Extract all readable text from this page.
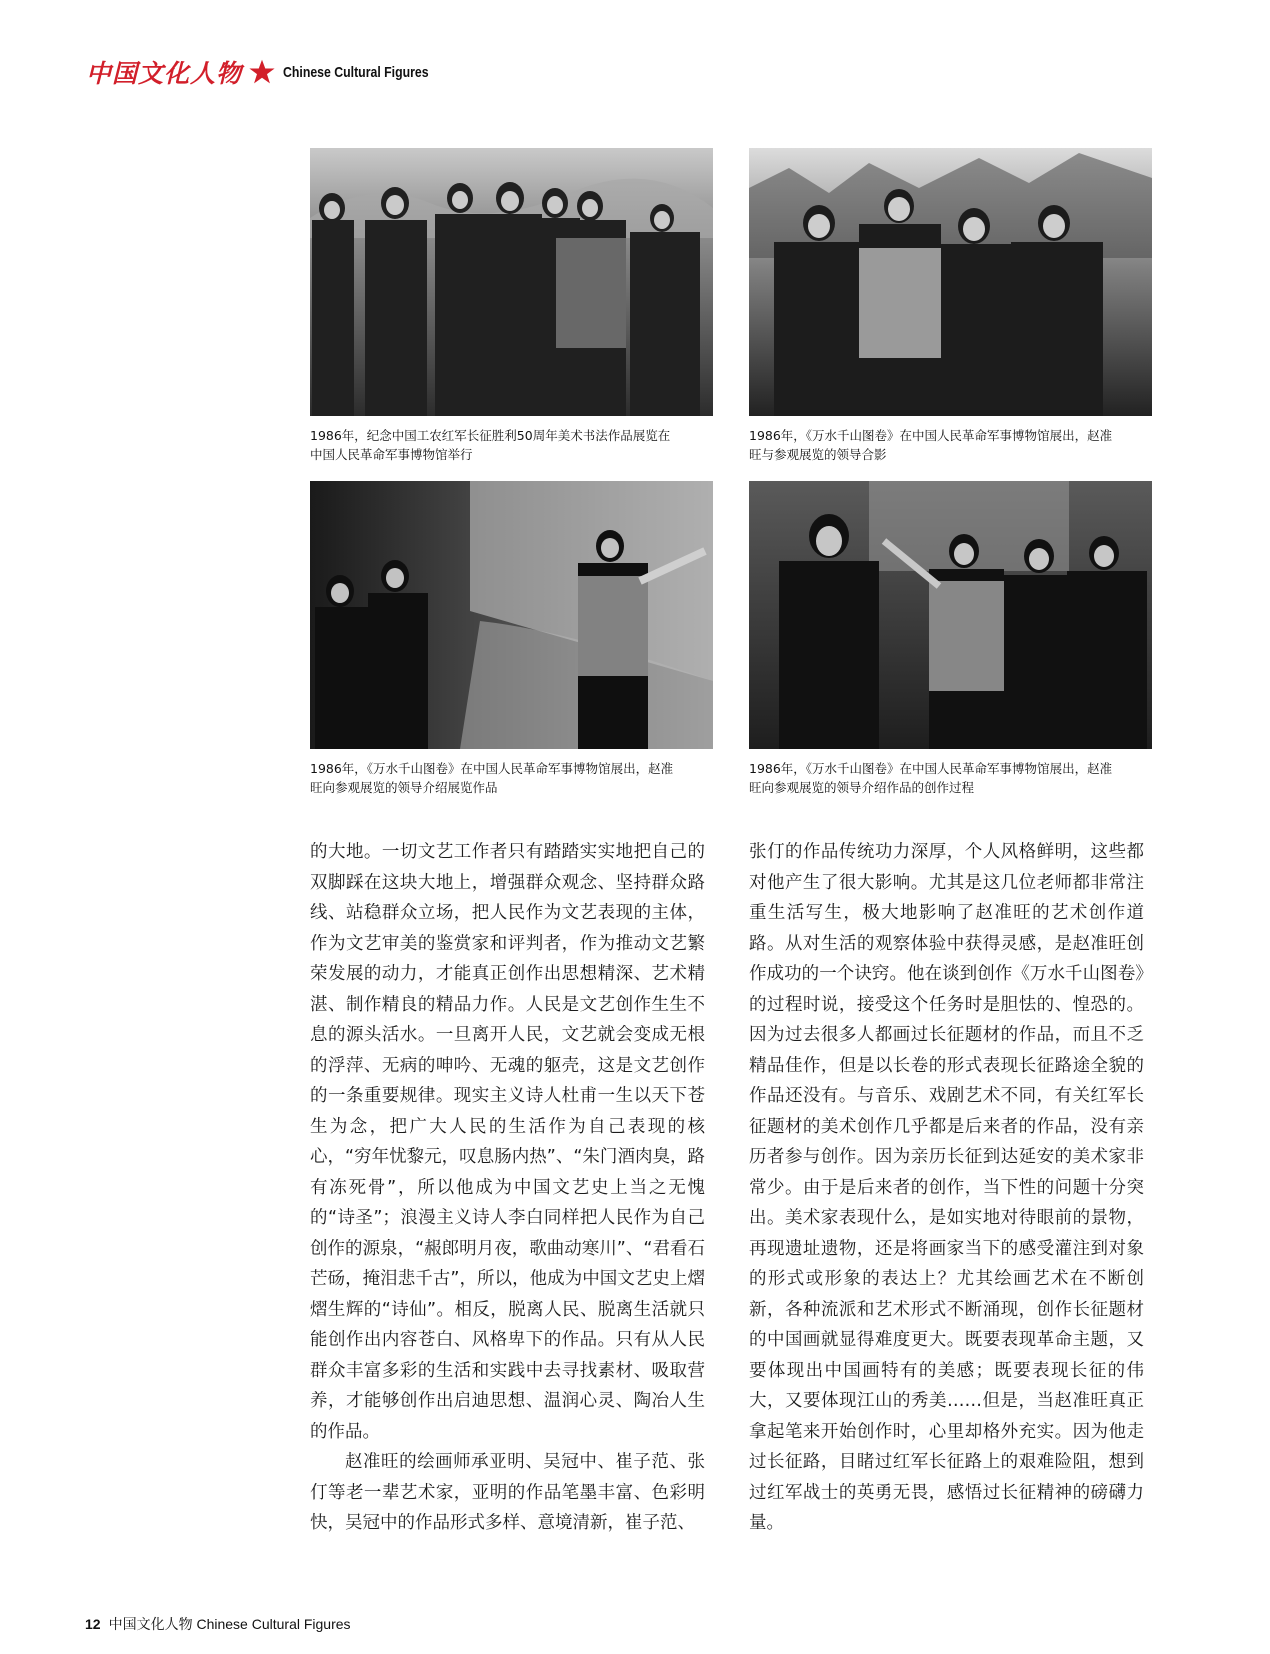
中国文化人物	Chinese Cultural Figures
1986年，纪念中国工农红军长征胜利50周年美术书法作品展览在
中国人民革命军事博物馆举行
1986年，《万水千山图卷》在中国人民革命军事博物馆展出，赵准
旺与参观展览的领导合影
1986年，《万水千山图卷》在中国人民革命军事博物馆展出，赵准
旺向参观展览的领导介绍展览作品
1986年，《万水千山图卷》在中国人民革命军事博物馆展出，赵准
旺向参观展览的领导介绍作品的创作过程

的大地。一切文艺工作者只有踏踏实实地把自己的双脚踩在这块大地上，增强群众观念、坚持群众路线、站稳群众立场，把人民作为文艺表现的主体，作为文艺审美的鉴赏家和评判者，作为推动文艺繁荣发展的动力，才能真正创作出思想精深、艺术精湛、制作精良的精品力作。人民是文艺创作生生不息的源头活水。一旦离开人民，文艺就会变成无根的浮萍、无病的呻吟、无魂的躯壳，这是文艺创作的一条重要规律。现实主义诗人杜甫一生以天下苍生为念，把广大人民的生活作为自己表现的核心，“穷年忧黎元，叹息肠内热”、“朱门酒肉臭，路有冻死骨”，所以他成为中国文艺史上当之无愧的“诗圣”；浪漫主义诗人李白同样把人民作为自己创作的源泉，“赧郎明月夜，歌曲动寒川”、“君看石芒砀，掩泪悲千古”，所以，他成为中国文艺史上熠熠生辉的“诗仙”。相反，脱离人民、脱离生活就只能创作出内容苍白、风格卑下的作品。只有从人民群众丰富多彩的生活和实践中去寻找素材、吸取营养，才能够创作出启迪思想、温润心灵、陶冶人生的作品。

赵准旺的绘画师承亚明、吴冠中、崔子范、张仃等老一辈艺术家，亚明的作品笔墨丰富、色彩明快，吴冠中的作品形式多样、意境清新，崔子范、

张仃的作品传统功力深厚，个人风格鲜明，这些都对他产生了很大影响。尤其是这几位老师都非常注重生活写生，极大地影响了赵准旺的艺术创作道路。从对生活的观察体验中获得灵感，是赵准旺创作成功的一个诀窍。他在谈到创作《万水千山图卷》的过程时说，接受这个任务时是胆怯的、惶恐的。因为过去很多人都画过长征题材的作品，而且不乏精品佳作，但是以长卷的形式表现长征路途全貌的作品还没有。与音乐、戏剧艺术不同，有关红军长征题材的美术创作几乎都是后来者的作品，没有亲历者参与创作。因为亲历长征到达延安的美术家非常少。由于是后来者的创作，当下性的问题十分突出。美术家表现什么，是如实地对待眼前的景物，再现遗址遗物，还是将画家当下的感受灌注到对象的形式或形象的表达上？尤其绘画艺术在不断创新，各种流派和艺术形式不断涌现，创作长征题材的中国画就显得难度更大。既要表现革命主题，又要体现出中国画特有的美感；既要表现长征的伟大，又要体现江山的秀美……但是，当赵准旺真正拿起笔来开始创作时，心里却格外充实。因为他走过长征路，目睹过红军长征路上的艰难险阻，想到过红军战士的英勇无畏，感悟过长征精神的磅礴力量。

12 中国文化人物 Chinese Cultural Figures
